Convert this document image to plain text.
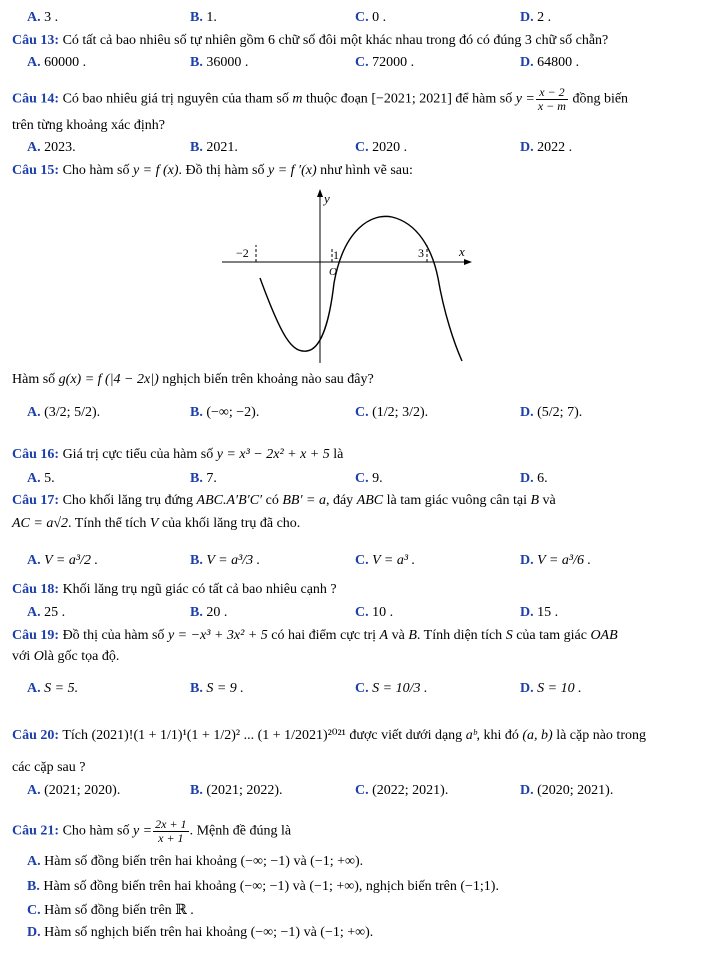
A. 3 .	B. 1.	C. 0 .	D. 2 .
Câu 13: Có tất cả bao nhiêu số tự nhiên gồm 6 chữ số đôi một khác nhau trong đó có đúng 3 chữ số chẵn?
A. 60000 .	B. 36000 .	C. 72000 .	D. 64800 .
Câu 14: Có bao nhiêu giá trị nguyên của tham số m thuộc đoạn [−2021; 2021] để hàm số $y = \frac{x - 2}{x - m}$ đồng biến
trên từng khoảng xác định?
A. 2023.	B. 2021.	C. 2020 .	D. 2022 .
Câu 15: Cho hàm số y = f (x). Đồ thị hàm số y = f ′(x) như hình vẽ sau:
y
x
O
−2	1	3
Hàm số g(x) = f (|4 − 2x|) nghịch biến trên khoảng nào sau đây?
A. (3/2; 5/2).	B. (−∞; −2).	C. (1/2; 3/2).	D. (5/2; 7).
Câu 16: Giá trị cực tiểu của hàm số y = x³ − 2x² + x + 5 là
A. 5.	B. 7.	C. 9.	D. 6.
Câu 17: Cho khối lăng trụ đứng ABC.A′B′C′ có BB′ = a, đáy ABC là tam giác vuông cân tại B và
AC = a√2. Tính thể tích V của khối lăng trụ đã cho.
A. V = a³/2 .	B. V = a³/3 .	C. V = a³ .	D. V = a³/6 .
Câu 18: Khối lăng trụ ngũ giác có tất cả bao nhiêu cạnh ?
A. 25 .	B. 20 .	C. 10 .	D. 15 .
Câu 19: Đồ thị của hàm số y = −x³ + 3x² + 5 có hai điểm cực trị A và B. Tính diện tích S của tam giác OAB
với Olà gốc tọa độ.
A. S = 5.	B. S = 9 .	C. S = 10/3 .	D. S = 10 .
Câu 20: Tích (2021)!(1 + 1/1)¹(1 + 1/2)² ... (1 + 1/2021)²⁰²¹ được viết dưới dạng aᵇ, khi đó (a, b) là cặp nào trong
các cặp sau ?
A. (2021; 2020).	B. (2021; 2022).	C. (2022; 2021).	D. (2020; 2021).
Câu 21: Cho hàm số $y = \frac{2x + 1}{x + 1}$ . Mệnh đề đúng là
A. Hàm số đồng biến trên hai khoảng (−∞; −1) và (−1; +∞).
B. Hàm số đồng biến trên hai khoảng (−∞; −1) và (−1; +∞), nghịch biến trên (−1;1).
C. Hàm số đồng biến trên ℝ .
D. Hàm số nghịch biến trên hai khoảng (−∞; −1) và (−1; +∞).
